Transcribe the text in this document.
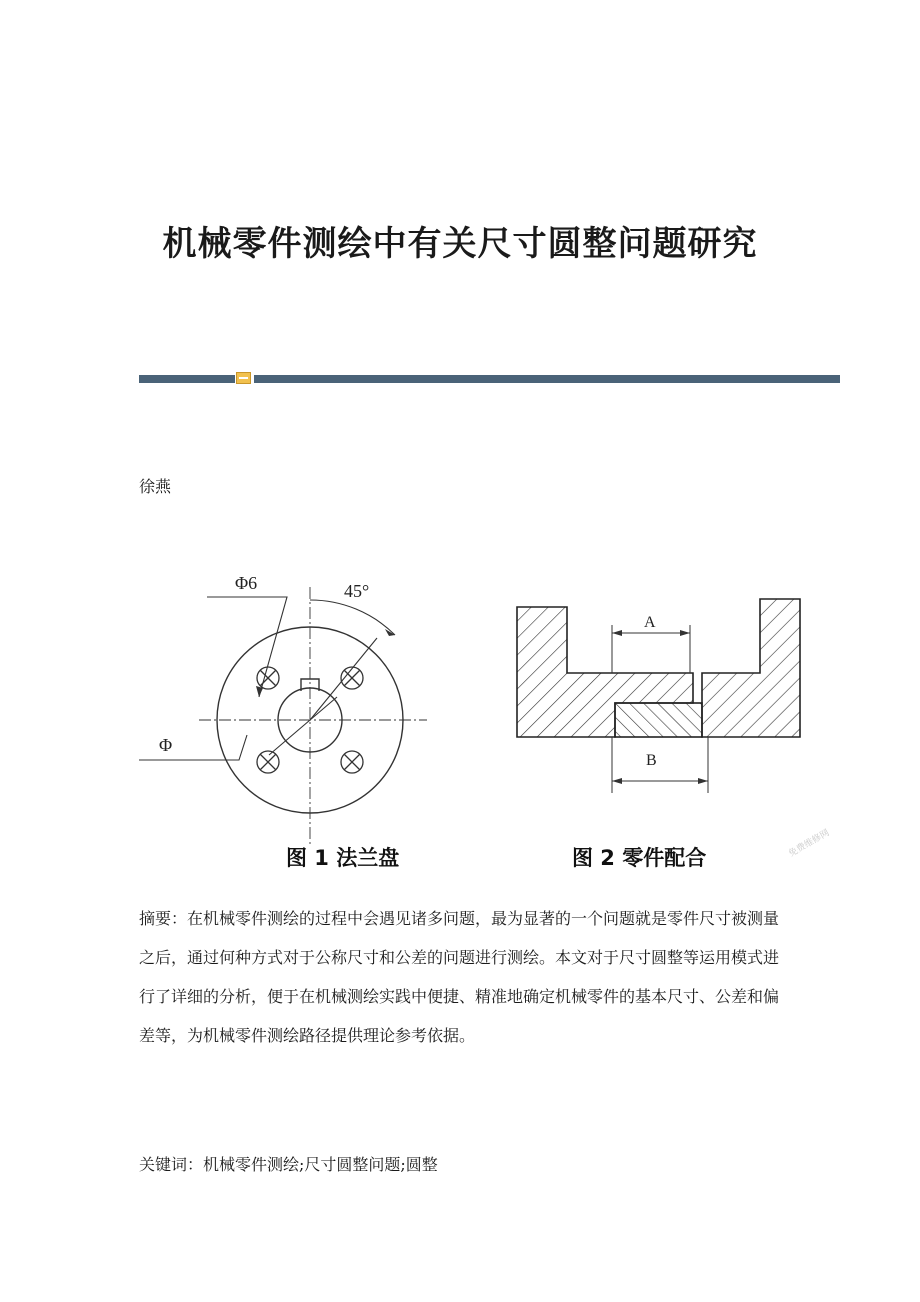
机械零件测绘中有关尺寸圆整问题研究
徐燕
Φ6	45°
Φ
A
B
图 1 法兰盘	图 2 零件配合	免费维修网
摘要：在机械零件测绘的过程中会遇见诸多问题，最为显著的一个问题就是零件尺寸被测量之后，通过何种方式对于公称尺寸和公差的问题进行测绘。本文对于尺寸圆整等运用模式进行了详细的分析，便于在机械测绘实践中便捷、精准地确定机械零件的基本尺寸、公差和偏差等，为机械零件测绘路径提供理论参考依据。
关键词：机械零件测绘;尺寸圆整问题;圆整
